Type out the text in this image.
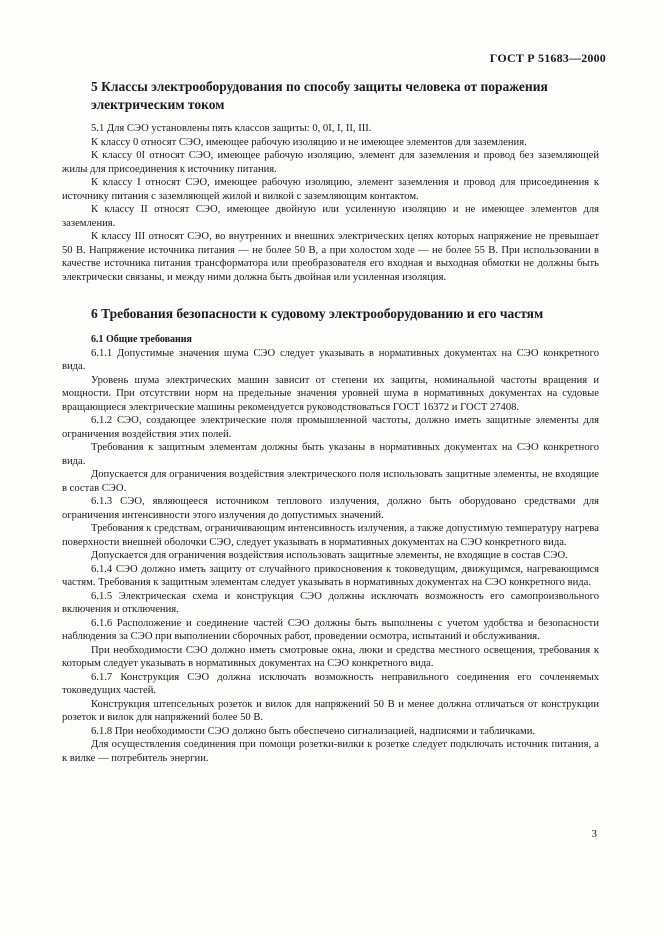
ГОСТ Р 51683—2000
5 Классы электрооборудования по способу защиты человека от поражения электрическим током

5.1 Для СЭО установлены пять классов защиты: 0, 0I, I, II, III.

К классу 0 относят СЭО, имеющее рабочую изоляцию и не имеющее элементов для заземления.

К классу 0I относят СЭО, имеющее рабочую изоляцию, элемент для заземления и провод без заземляющей жилы для присоединения к источнику питания.

К классу I относят СЭО, имеющее рабочую изоляцию, элемент заземления и провод для присоединения к источнику питания с заземляющей жилой и вилкой с заземляющим контактом.

К классу II относят СЭО, имеющее двойную или усиленную изоляцию и не имеющее элементов для заземления.

К классу III относят СЭО, во внутренних и внешних электрических цепях которых напряжение не превышает 50 В. Напряжение источника питания — не более 50 В, а при холостом ходе — не более 55 В. При использовании в качестве источника питания трансформатора или преобразователя его входная и выходная обмотки не должны быть электрически связаны, и между ними должна быть двойная или усиленная изоляция.

6 Требования безопасности к судовому электрооборудованию и его частям

6.1 Общие требования

6.1.1 Допустимые значения шума СЭО следует указывать в нормативных документах на СЭО конкретного вида.

Уровень шума электрических машин зависит от степени их защиты, номинальной частоты вращения и мощности. При отсутствии норм на предельные значения уровней шума в нормативных документах на судовые вращающиеся электрические машины рекомендуется руководствоваться ГОСТ 16372 и ГОСТ 27408.

6.1.2 СЭО, создающее электрические поля промышленной частоты, должно иметь защитные элементы для ограничения воздействия этих полей.

Требования к защитным элементам должны быть указаны в нормативных документах на СЭО конкретного вида.

Допускается для ограничения воздействия электрического поля использовать защитные элементы, не входящие в состав СЭО.

6.1.3 СЭО, являющееся источником теплового излучения, должно быть оборудовано средствами для ограничения интенсивности этого излучения до допустимых значений.

Требования к средствам, ограничивающим интенсивность излучения, а также допустимую температуру нагрева поверхности внешней оболочки СЭО, следует указывать в нормативных документах на СЭО конкретного вида.

Допускается для ограничения воздействия использовать защитные элементы, не входящие в состав СЭО.

6.1.4 СЭО должно иметь защиту от случайного прикосновения к токоведущим, движущимся, нагревающимся частям. Требования к защитным элементам следует указывать в нормативных документах на СЭО конкретного вида.

6.1.5 Электрическая схема и конструкция СЭО должны исключать возможность его самопроизвольного включения и отключения.

6.1.6 Расположение и соединение частей СЭО должны быть выполнены с учетом удобства и безопасности наблюдения за СЭО при выполнении сборочных работ, проведении осмотра, испытаний и обслуживания.

При необходимости СЭО должно иметь смотровые окна, люки и средства местного освещения, требования к которым следует указывать в нормативных документах на СЭО конкретного вида.

6.1.7 Конструкция СЭО должна исключать возможность неправильного соединения его сочленяемых токоведущих частей.

Конструкция штепсельных розеток и вилок для напряжений 50 В и менее должна отличаться от конструкции розеток и вилок для напряжений более 50 В.

6.1.8 При необходимости СЭО должно быть обеспечено сигнализацией, надписями и табличками.

Для осуществления соединения при помощи розетки-вилки к розетке следует подключать источник питания, а к вилке — потребитель энергии.

3
